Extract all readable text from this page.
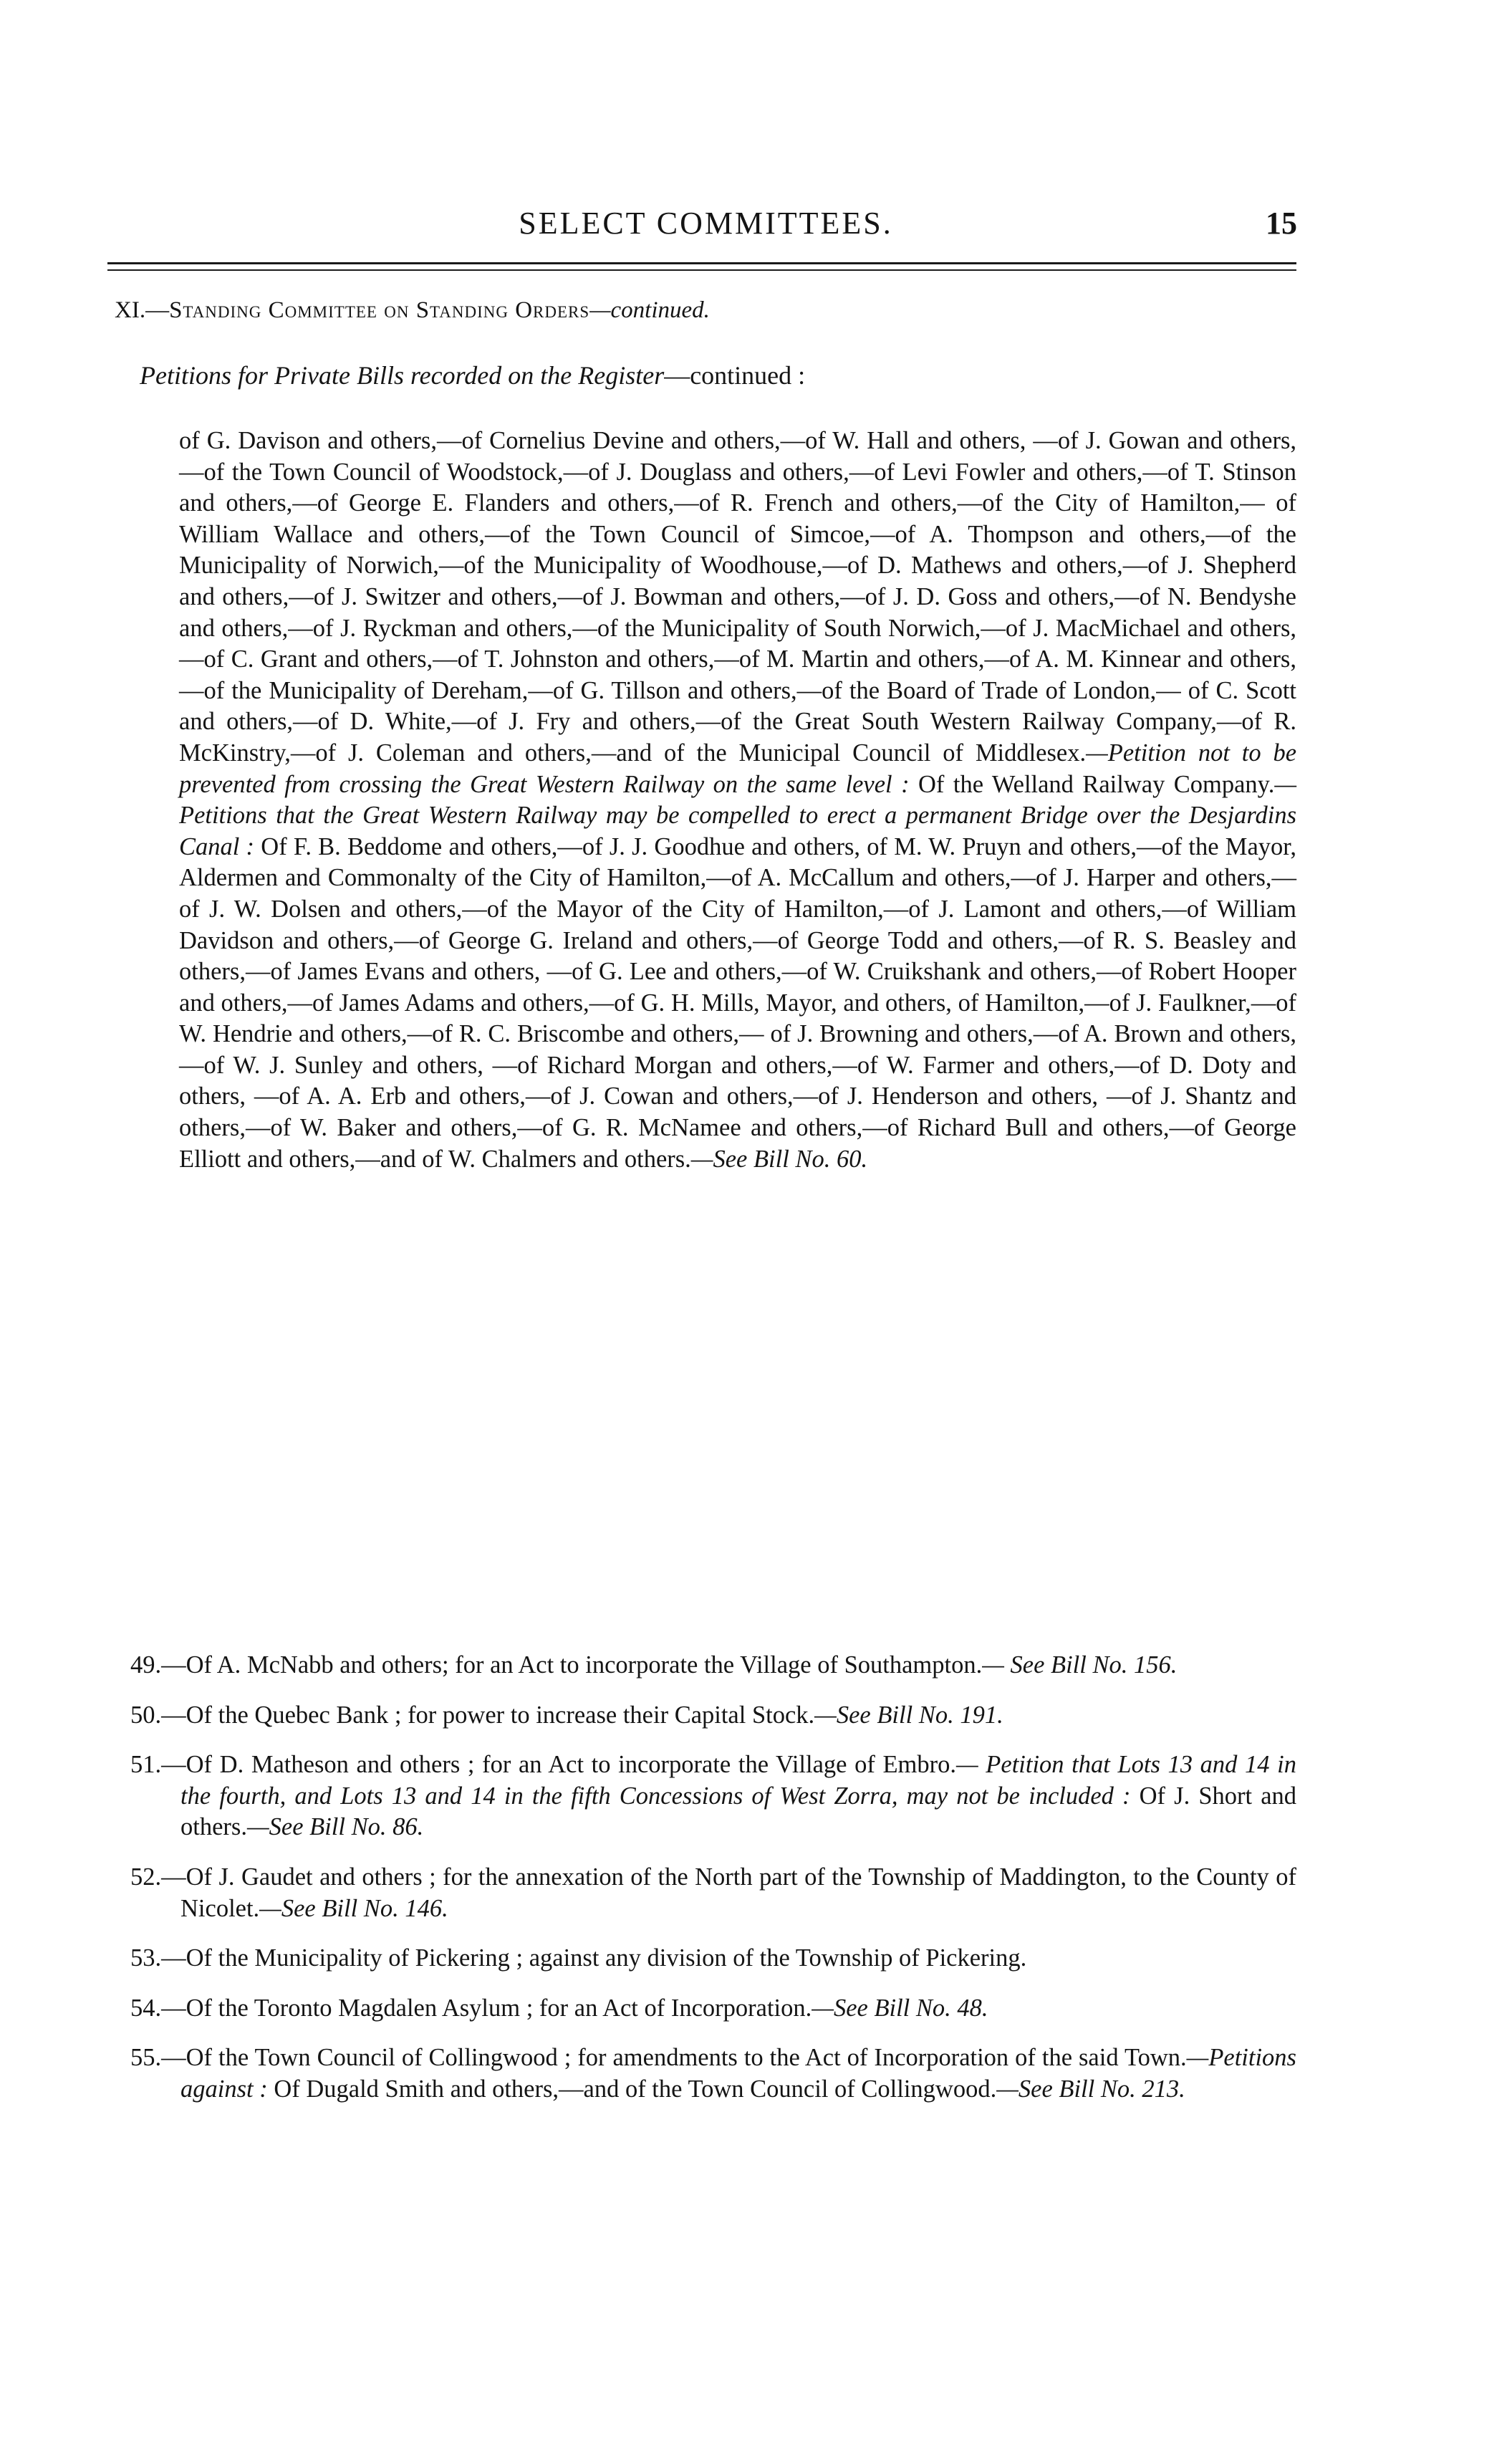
SELECT COMMITTEES.	15
XI.—Standing Committee on Standing Orders—continued.
Petitions for Private Bills recorded on the Register—continued :
of G. Davison and others,—of Cornelius Devine and others,—of W. Hall and others, —of J. Gowan and others,—of the Town Council of Woodstock,—of J. Douglass and others,—of Levi Fowler and others,—of T. Stinson and others,—of George E. Flanders and others,—of R. French and others,—of the City of Hamilton,— of William Wallace and others,—of the Town Council of Simcoe,—of A. Thompson and others,—of the Municipality of Norwich,—of the Municipality of Woodhouse,—of D. Mathews and others,—of J. Shepherd and others,—of J. Switzer and others,—of J. Bowman and others,—of J. D. Goss and others,—of N. Bendyshe and others,—of J. Ryckman and others,—of the Municipality of South Norwich,—of J. MacMichael and others,—of C. Grant and others,—of T. Johnston and others,—of M. Martin and others,—of A. M. Kinnear and others,—of the Municipality of Dereham,—of G. Tillson and others,—of the Board of Trade of London,— of C. Scott and others,—of D. White,—of J. Fry and others,—of the Great South Western Railway Company,—of R. McKinstry,—of J. Coleman and others,—and of the Municipal Council of Middlesex.—Petition not to be prevented from crossing the Great Western Railway on the same level : Of the Welland Railway Company.—Petitions that the Great Western Railway may be compelled to erect a permanent Bridge over the Desjardins Canal : Of F. B. Beddome and others,—of J. J. Goodhue and others, of M. W. Pruyn and others,—of the Mayor, Aldermen and Commonalty of the City of Hamilton,—of A. McCallum and others,—of J. Harper and others,—of J. W. Dolsen and others,—of the Mayor of the City of Hamilton,—of J. Lamont and others,—of William Davidson and others,—of George G. Ireland and others,—of George Todd and others,—of R. S. Beasley and others,—of James Evans and others, —of G. Lee and others,—of W. Cruikshank and others,—of Robert Hooper and others,—of James Adams and others,—of G. H. Mills, Mayor, and others, of Hamilton,—of J. Faulkner,—of W. Hendrie and others,—of R. C. Briscombe and others,— of J. Browning and others,—of A. Brown and others,—of W. J. Sunley and others, —of Richard Morgan and others,—of W. Farmer and others,—of D. Doty and others, —of A. A. Erb and others,—of J. Cowan and others,—of J. Henderson and others, —of J. Shantz and others,—of W. Baker and others,—of G. R. McNamee and others,—of Richard Bull and others,—of George Elliott and others,—and of W. Chalmers and others.—See Bill No. 60.

49.—Of A. McNabb and others; for an Act to incorporate the Village of Southampton.— See Bill No. 156.

50.—Of the Quebec Bank ; for power to increase their Capital Stock.—See Bill No. 191.

51.—Of D. Matheson and others ; for an Act to incorporate the Village of Embro.— Petition that Lots 13 and 14 in the fourth, and Lots 13 and 14 in the fifth Concessions of West Zorra, may not be included : Of J. Short and others.—See Bill No. 86.

52.—Of J. Gaudet and others ; for the annexation of the North part of the Township of Maddington, to the County of Nicolet.—See Bill No. 146.

53.—Of the Municipality of Pickering ; against any division of the Township of Pickering.

54.—Of the Toronto Magdalen Asylum ; for an Act of Incorporation.—See Bill No. 48.

55.—Of the Town Council of Collingwood ; for amendments to the Act of Incorporation of the said Town.—Petitions against : Of Dugald Smith and others,—and of the Town Council of Collingwood.—See Bill No. 213.
